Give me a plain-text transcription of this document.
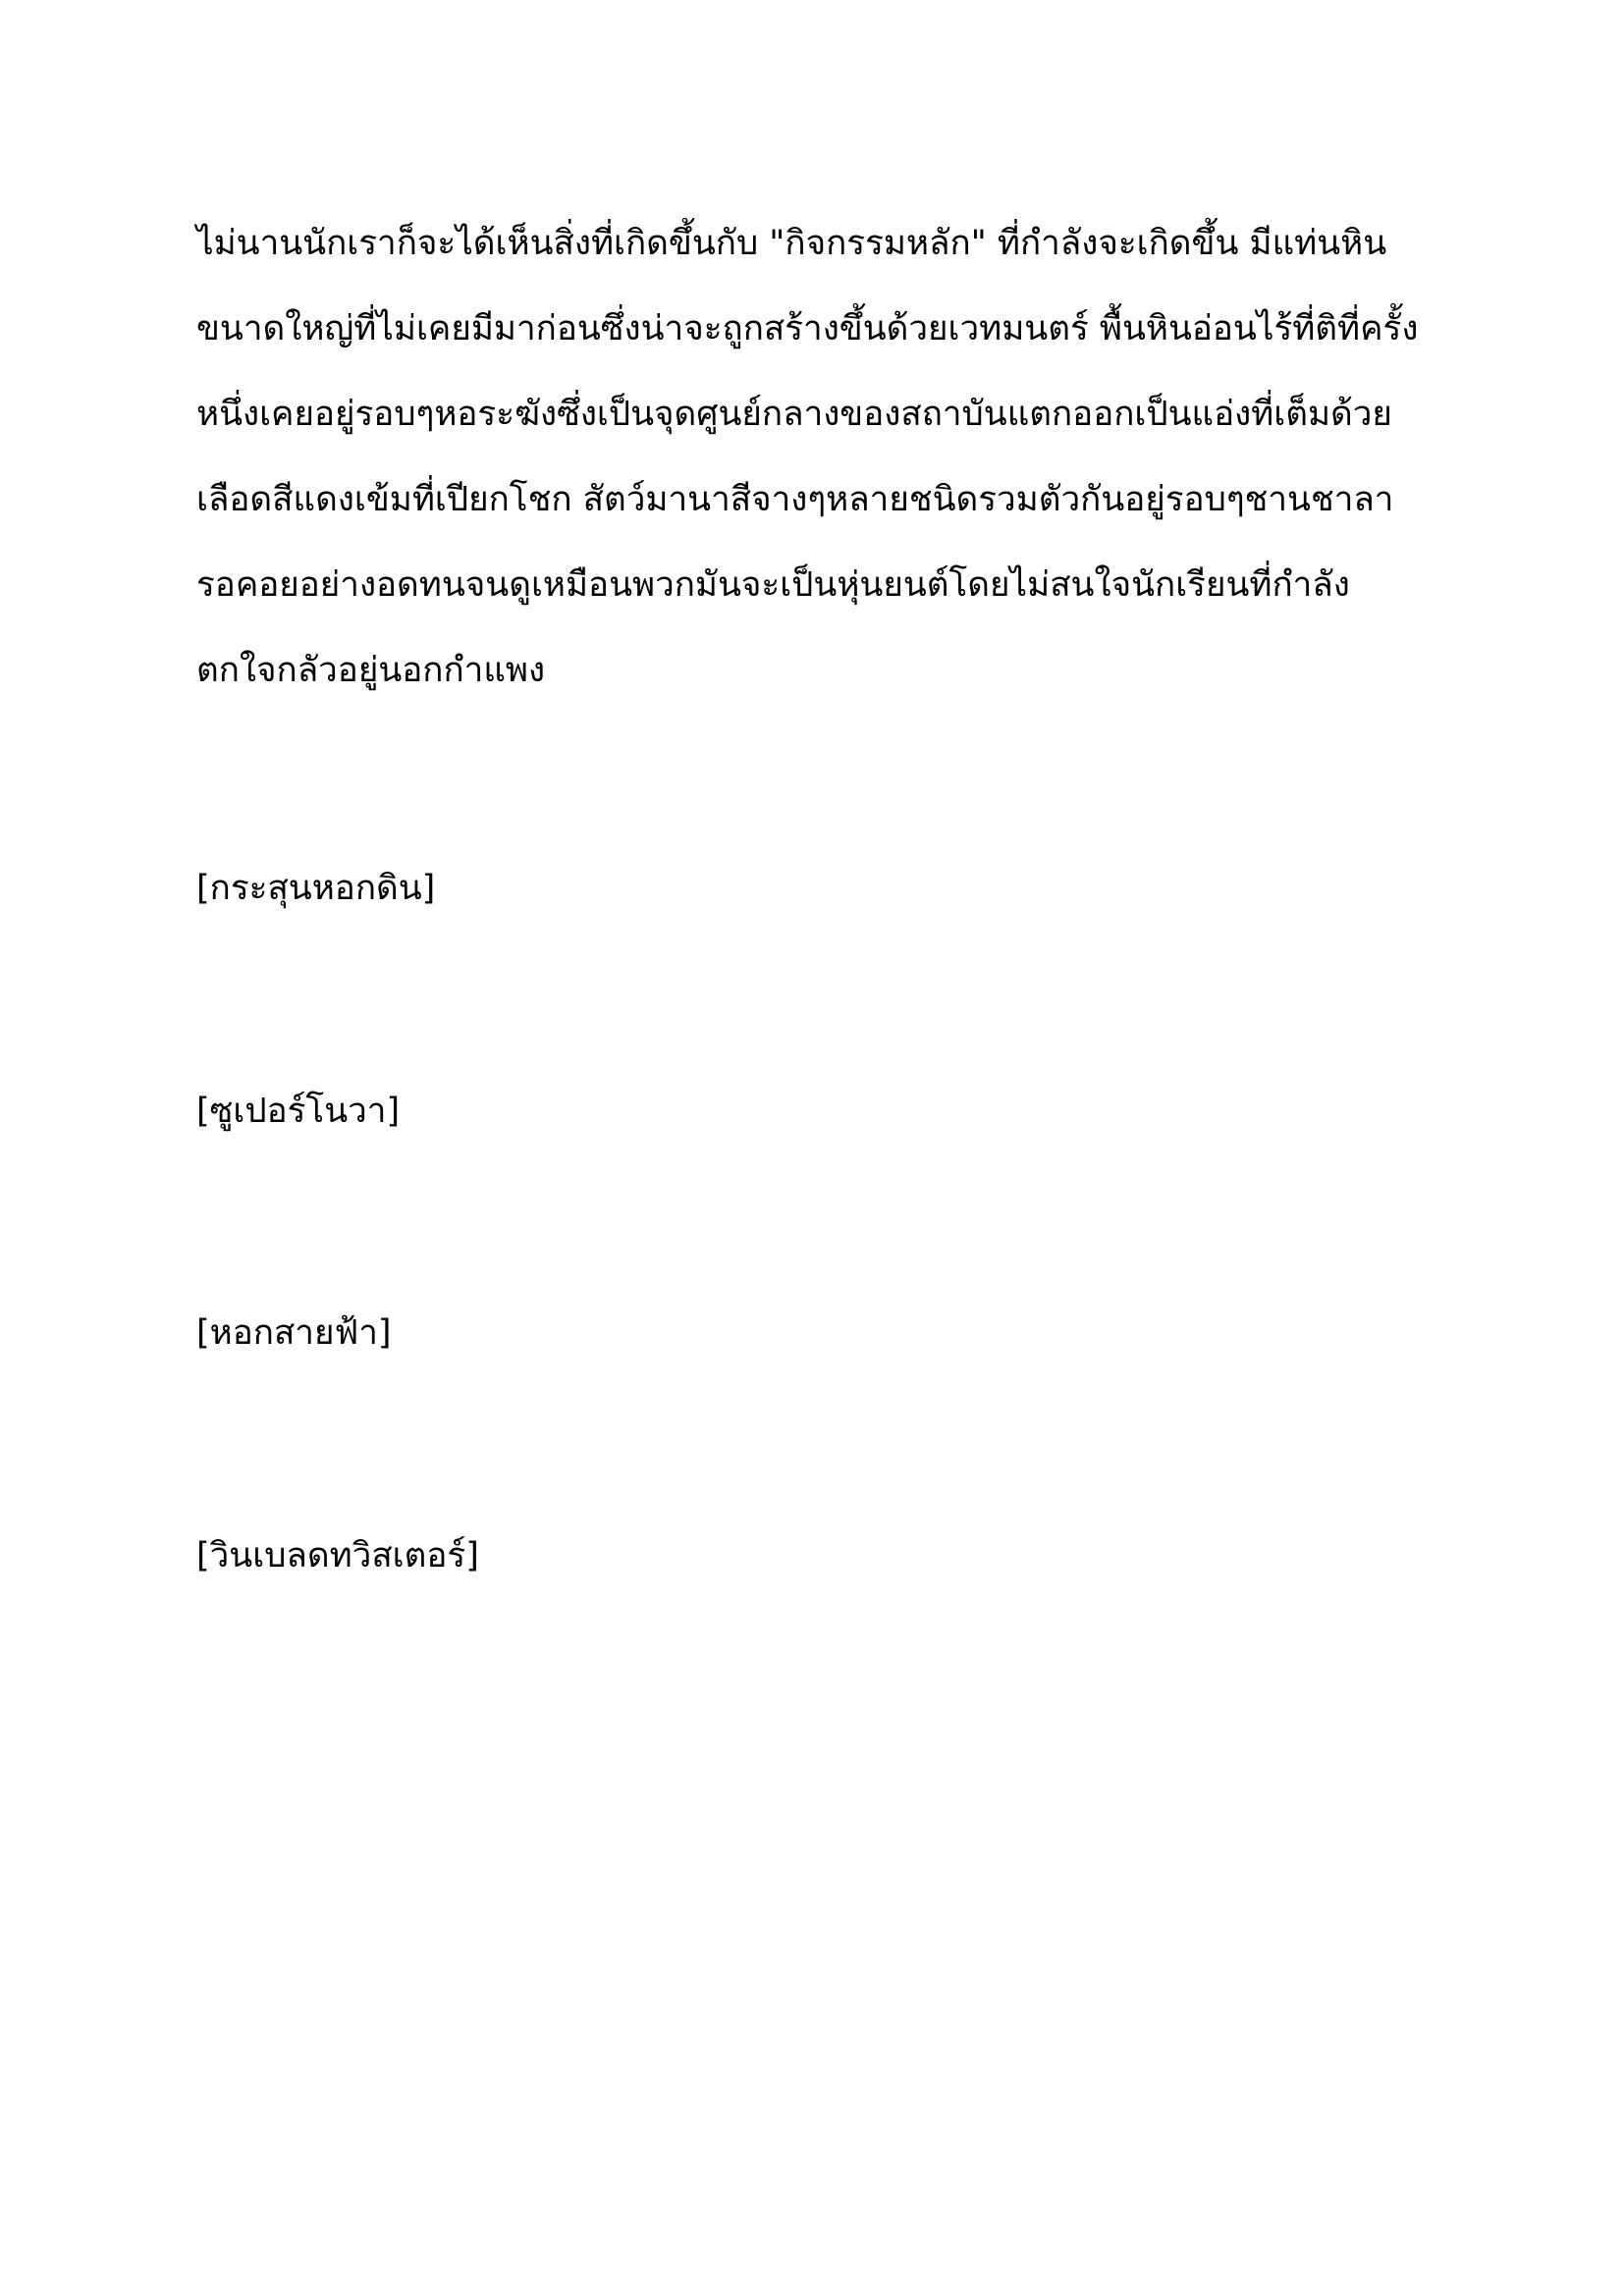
ไม่นานนักเราก็จะได้เห็นสิ่งที่เกิดขึ้นกับ "กิจกรรมหลัก" ที่กำลังจะเกิดขึ้น มีแท่นหิน
ขนาดใหญ่ที่ไม่เคยมีมาก่อนซึ่งน่าจะถูกสร้างขึ้นด้วยเวทมนตร์ พื้นหินอ่อนไร้ที่ติที่ครั้ง
หนึ่งเคยอยู่รอบๆหอระฆังซึ่งเป็นจุดศูนย์กลางของสถาบันแตกออกเป็นแอ่งที่เต็มด้วย
เลือดสีแดงเข้มที่เปียกโชก สัตว์มานาสีจางๆหลายชนิดรวมตัวกันอยู่รอบๆชานชาลา
รอคอยอย่างอดทนจนดูเหมือนพวกมันจะเป็นหุ่นยนต์โดยไม่สนใจนักเรียนที่กำลัง
ตกใจกลัวอยู่นอกกำแพง

[กระสุนหอกดิน]

[ซูเปอร์โนวา]

[หอกสายฟ้า]

[วินเบลดทวิสเตอร์]
